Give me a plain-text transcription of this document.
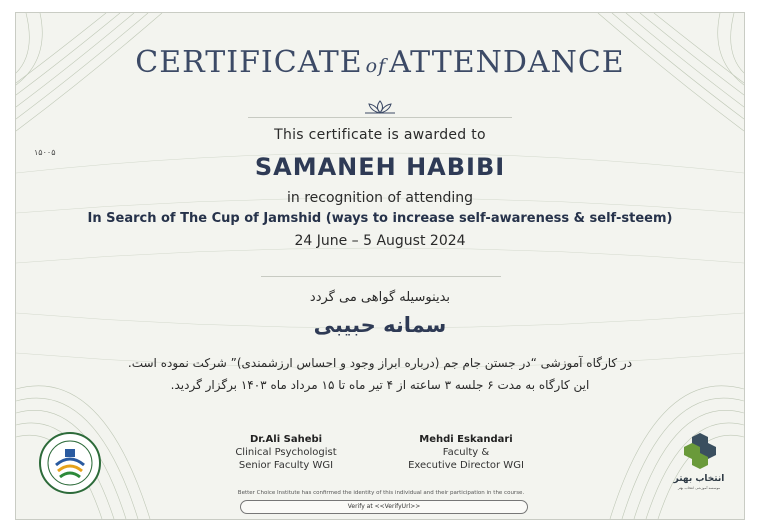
CERTIFICATE of ATTENDANCE
۱۵۰۰۵
This certificate is awarded to
SAMANEH HABIBI
in recognition of attending
In Search of The Cup of Jamshid (ways to increase self-awareness & self-steem)
24 June – 5 August 2024
بدینوسیله گواهی می گردد
سمانه حبیبی
در کارگاه آموزشی “در جستن جام جم (درباره ابراز وجود و احساس ارزشمندی)” شرکت نموده است.
این کارگاه به مدت ۶ جلسه ۳ ساعته از ۴ تیر ماه تا ۱۵ مرداد ماه ۱۴۰۳ برگزار گردید.
Dr.Ali Sahebi
Clinical Psychologist
Senior Faculty WGI
Mehdi Eskandari
Faculty &
Executive Director WGI
انتخاب بهتر
موسسه آموزشی انتخاب بهتر
Better Choice Institute has confirmed the identity of this individual and their participation in the course.
Verify at <<VerifyUrl>>
